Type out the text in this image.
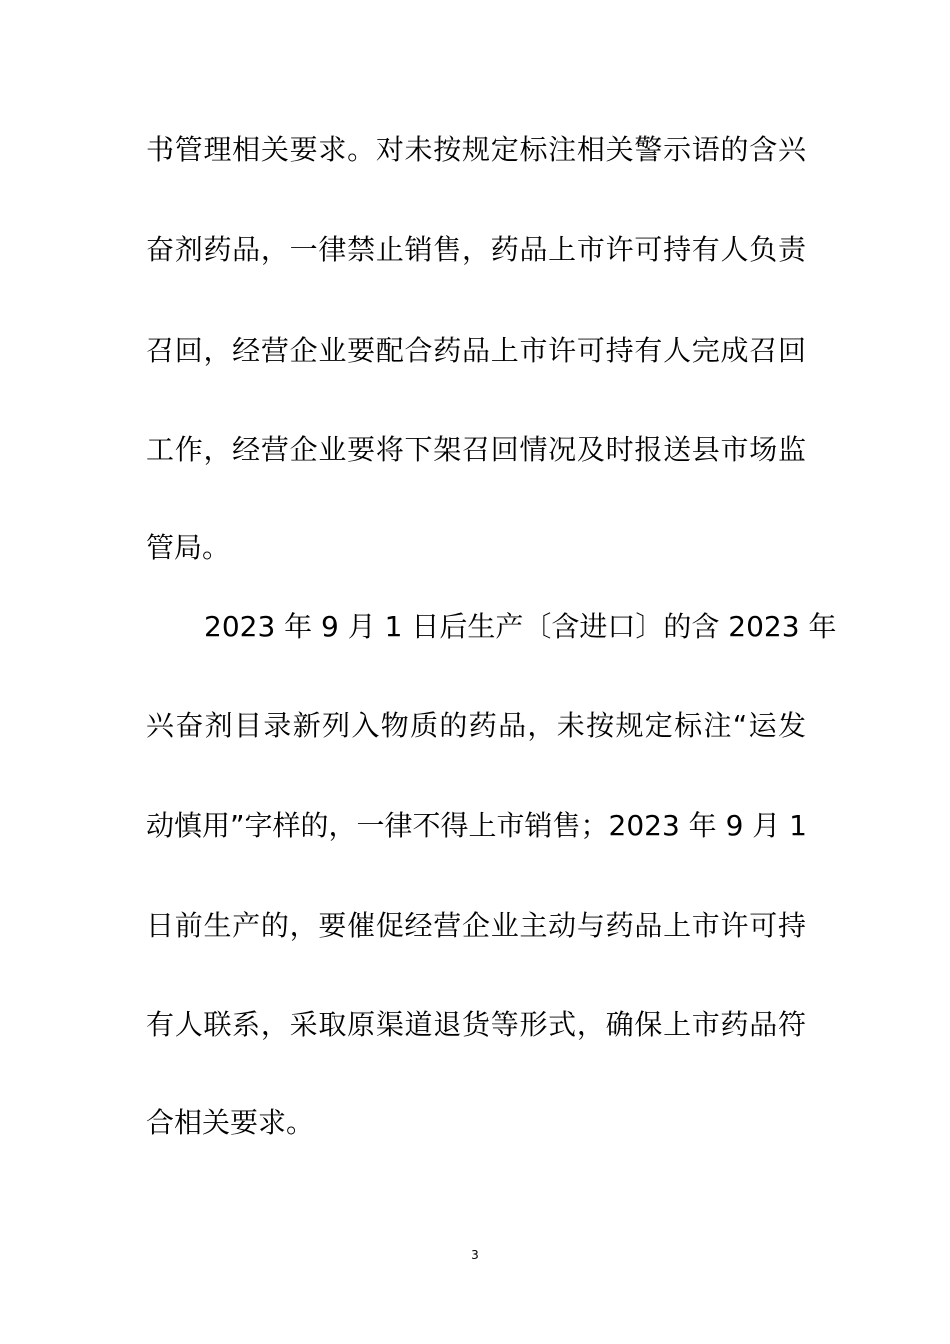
书管理相关要求。对未按规定标注相关警示语的含兴
奋剂药品，一律禁止销售，药品上市许可持有人负责
召回，经营企业要配合药品上市许可持有人完成召回
工作，经营企业要将下架召回情况及时报送县市场监
管局。
2023 年 9 月 1 日后生产〔含进口〕的含 2023 年
兴奋剂目录新列入物质的药品，未按规定标注“运发
动慎用”字样的，一律不得上市销售；2023 年 9 月 1
日前生产的，要催促经营企业主动与药品上市许可持
有人联系，采取原渠道退货等形式，确保上市药品符
合相关要求。
3
